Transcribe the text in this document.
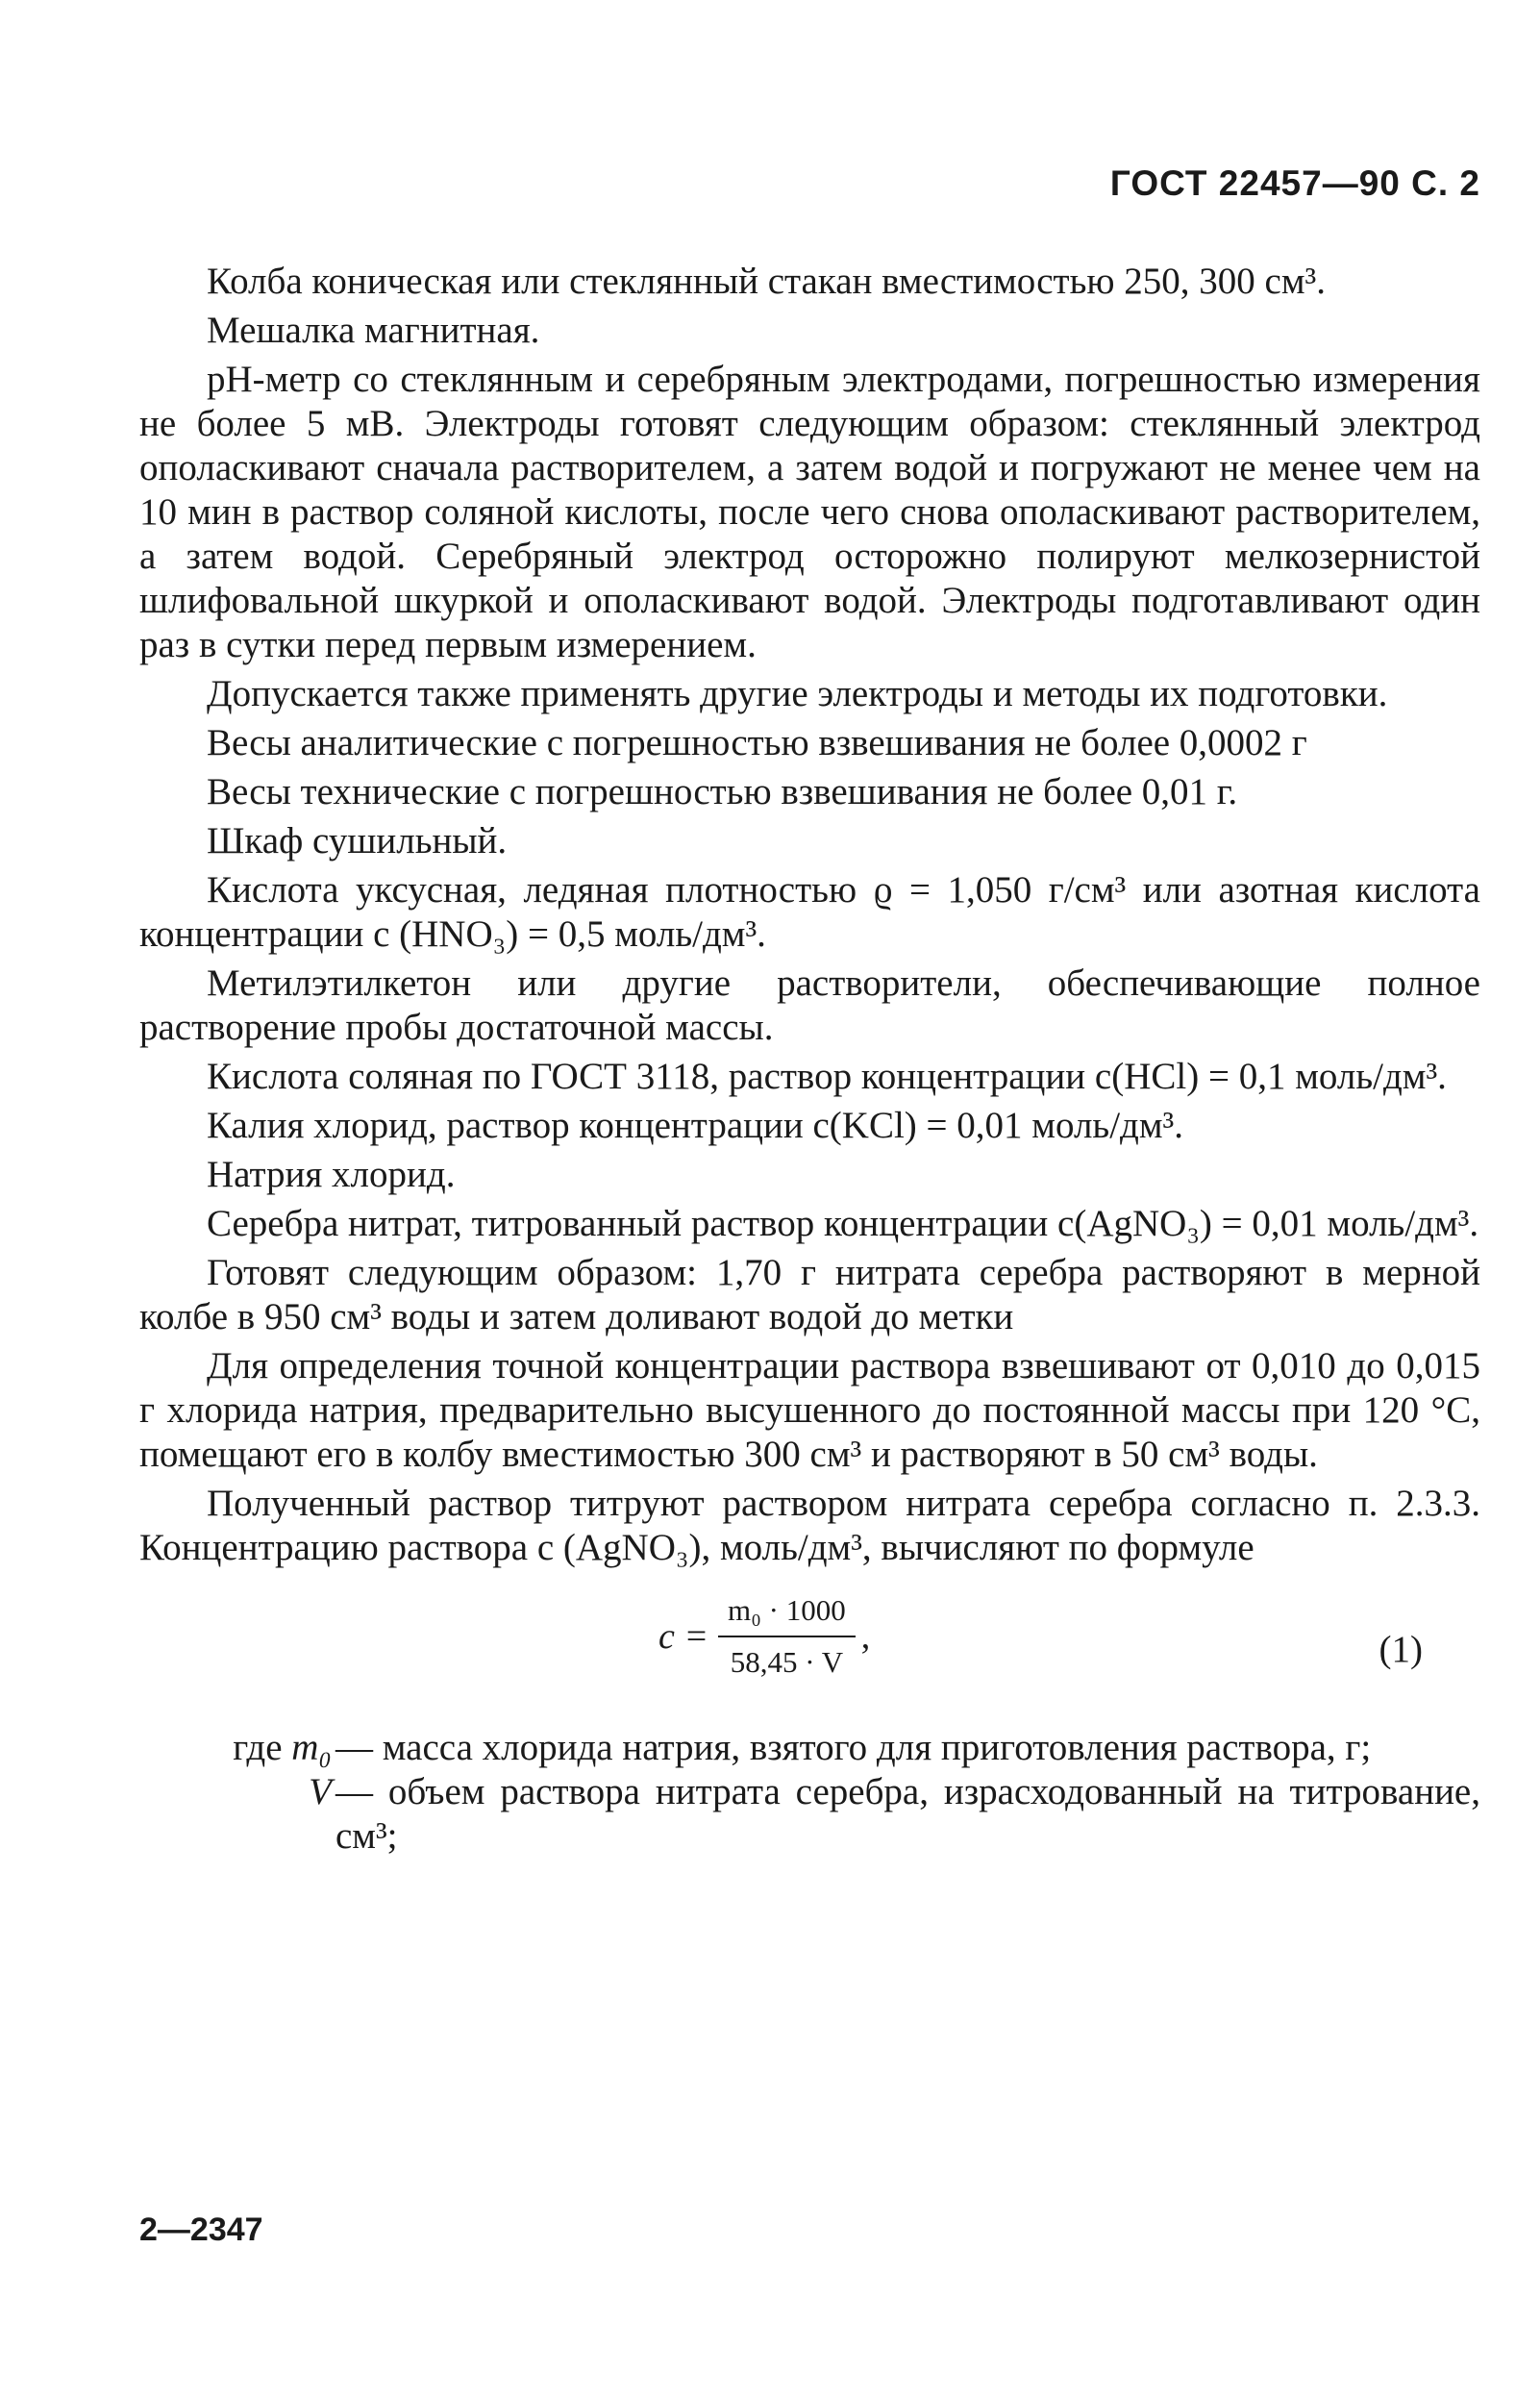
ГОСТ 22457—90 С. 2

Колба коническая или стеклянный стакан вместимостью 250, 300 см³.

Мешалка магнитная.

рН-метр со стеклянным и серебряным электродами, погрешностью измерения не более 5 мВ. Электроды готовят следующим образом: стеклянный электрод ополаскивают сначала растворителем, а затем водой и погружают не менее чем на 10 мин в раствор соляной кислоты, после чего снова ополаскивают растворителем, а затем водой. Серебряный электрод осторожно полируют мелкозернистой шлифовальной шкуркой и ополаскивают водой. Электроды подготавливают один раз в сутки перед первым измерением.

Допускается также применять другие электроды и методы их подготовки.

Весы аналитические с погрешностью взвешивания не более 0,0002 г

Весы технические с погрешностью взвешивания не более 0,01 г.

Шкаф сушильный.

Кислота уксусная, ледяная плотностью ϱ = 1,050 г/см³ или азотная кислота концентрации c (HNO₃) = 0,5 моль/дм³.

Метилэтилкетон или другие растворители, обеспечивающие полное растворение пробы достаточной массы.

Кислота соляная по ГОСТ 3118, раствор концентрации c(HCl) = 0,1 моль/дм³.

Калия хлорид, раствор концентрации c(KCl) = 0,01 моль/дм³.

Натрия хлорид.

Серебра нитрат, титрованный раствор концентрации c(AgNO₃) = 0,01 моль/дм³.

Готовят следующим образом: 1,70 г нитрата серебра растворяют в мерной колбе в 950 см³ воды и затем доливают водой до метки

Для определения точной концентрации раствора взвешивают от 0,010 до 0,015 г хлорида натрия, предварительно высушенного до постоянной массы при 120 °С, помещают его в колбу вместимостью 300 см³ и растворяют в 50 см³ воды.

Полученный раствор титруют раствором нитрата серебра согласно п. 2.3.3. Концентрацию раствора c (AgNO₃), моль/дм³, вычисляют по формуле

$c = \frac{\text{m₀ · 1000}}{58,45 \cdot V}$ ,	(1)
где m₀ — масса хлорида натрия, взятого для приготовления раствора, г;
V — объем раствора нитрата серебра, израсходованный на титрование, см³;
2—2347
